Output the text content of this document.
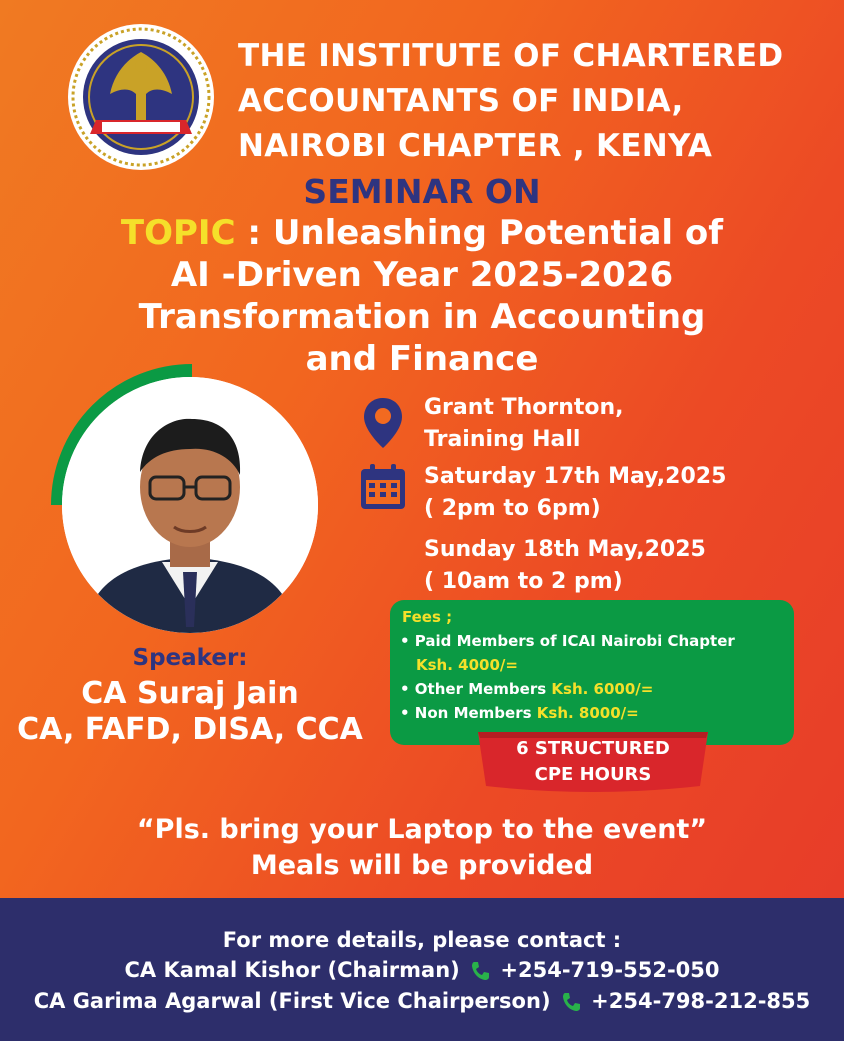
THE INSTITUTE OF CHARTERED
ACCOUNTANTS OF INDIA,
NAIROBI CHAPTER , KENYA
SEMINAR ON
TOPIC : Unleashing Potential of
AI -Driven Year 2025-2026
Transformation in Accounting
and Finance
Speaker:
CA Suraj Jain
CA, FAFD, DISA, CCA
Grant Thornton,
Training Hall
Saturday 17th May,2025
( 2pm to 6pm)
Sunday 18th May,2025
( 10am to 2 pm)
Fees ;
• Paid Members of ICAI Nairobi Chapter
Ksh. 4000/=
• Other Members Ksh. 6000/=
• Non Members Ksh. 8000/=
6 STRUCTURED
CPE HOURS
“Pls. bring your Laptop to the event”
Meals will be provided
For more details, please contact :
CA Kamal Kishor (Chairman) +254-719-552-050
CA Garima Agarwal (First Vice Chairperson) +254-798-212-855
